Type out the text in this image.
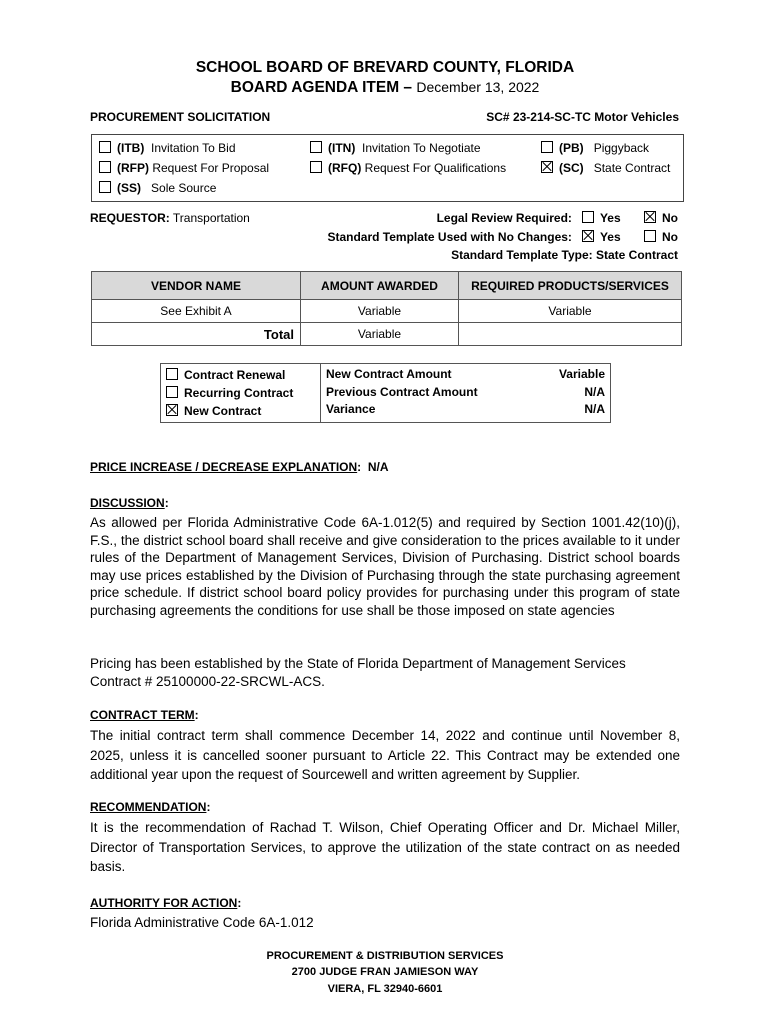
SCHOOL BOARD OF BREVARD COUNTY, FLORIDA
BOARD AGENDA ITEM – December 13, 2022
PROCUREMENT SOLICITATION	SC# 23-214-SC-TC Motor Vehicles
(ITB) Invitation To Bid
(RFP) Request For Proposal
(SS) Sole Source
(ITN) Invitation To Negotiate
(RFQ) Request For Qualifications
(PB) Piggyback
(SC) State Contract
REQUESTOR: Transportation	Legal Review Required: Yes	No
Standard Template Used with No Changes: Yes	No
Standard Template Type: State Contract
VENDOR NAME	AMOUNT AWARDED	REQUIRED PRODUCTS/SERVICES
See Exhibit A	Variable	Variable
Total	Variable	
Contract Renewal
Recurring Contract
New Contract

New Contract Amount	Variable
Previous Contract Amount	N/A
Variance	N/A
PRICE INCREASE / DECREASE EXPLANATION:  N/A
DISCUSSION:
As allowed per Florida Administrative Code 6A-1.012(5) and required by Section 1001.42(10)(j), F.S., the district school board shall receive and give consideration to the prices available to it under rules of the Department of Management Services, Division of Purchasing. District school boards may use prices established by the Division of Purchasing through the state purchasing agreement price schedule. If district school board policy provides for purchasing under this program of state purchasing agreements the conditions for use shall be those imposed on state agencies
Pricing has been established by the State of Florida Department of Management Services Contract # 25100000-22-SRCWL-ACS.
CONTRACT TERM:
The initial contract term shall commence December 14, 2022 and continue until November 8, 2025, unless it is cancelled sooner pursuant to Article 22. This Contract may be extended one additional year upon the request of Sourcewell and written agreement by Supplier.
RECOMMENDATION:
It is the recommendation of Rachad T. Wilson, Chief Operating Officer and Dr. Michael Miller, Director of Transportation Services, to approve the utilization of the state contract on as needed basis.
AUTHORITY FOR ACTION:
Florida Administrative Code 6A-1.012
PROCUREMENT & DISTRIBUTION SERVICES
2700 JUDGE FRAN JAMIESON WAY
VIERA, FL 32940-6601
